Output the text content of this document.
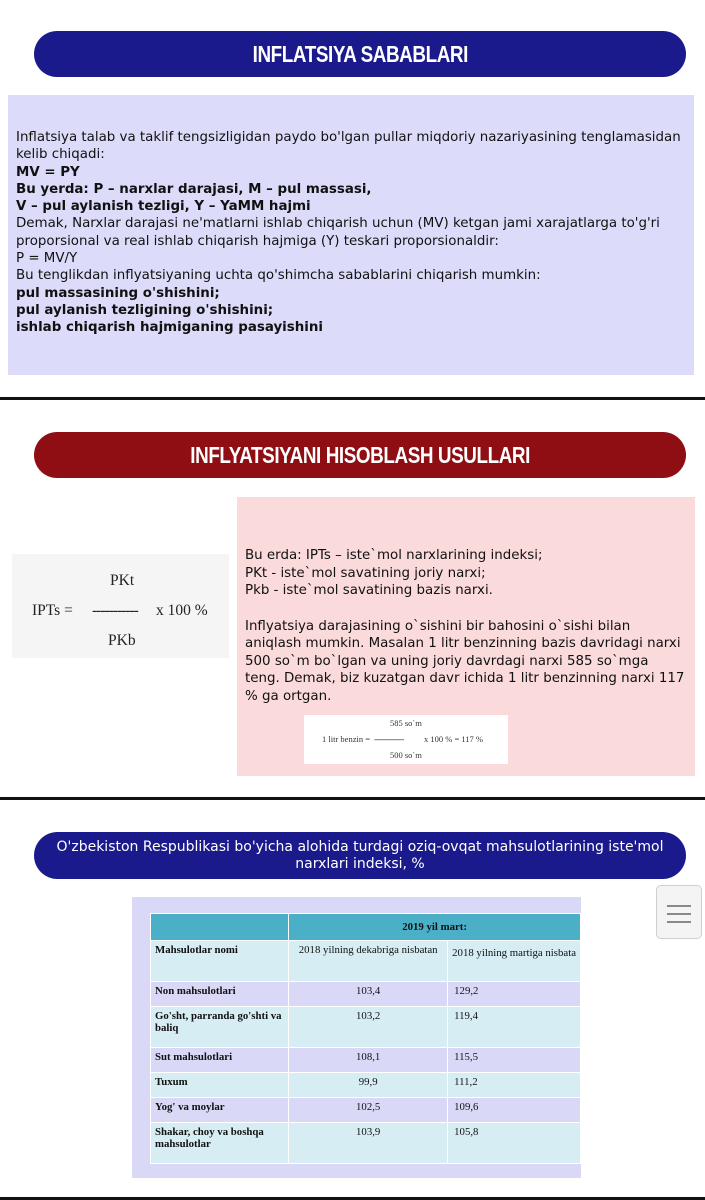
INFLATSIYA SABABLARI

Inflatsiya talab va taklif tengsizligidan paydo bo'lgan pullar miqdoriy nazariyasining tenglamasidan kelib chiqadi:

MV = PY

Bu yerda: P – narxlar darajasi, M – pul massasi,

V – pul aylanish tezligi, Y – YaMM hajmi

Demak, Narxlar darajasi ne'matlarni ishlab chiqarish uchun (MV) ketgan jami xarajatlarga to'g'ri proporsional va real ishlab chiqarish hajmiga (Y) teskari proporsionaldir:

P = MV/Y

Bu tenglikdan inflyatsiyaning uchta qo'shimcha sabablarini chiqarish mumkin:

pul massasining o'shishini;

pul aylanish tezligining o'shishini;

ishlab chiqarish hajmiganing pasayishini

INFLYATSIYANI HISOBLASH USULLARI
PKt
IPTs = ----------- x 100 %
PKb

Bu erda: IPTs – iste`mol narxlarining indeksi;

PKt - iste`mol savatining joriy narxi;

Pkb - iste`mol savatining bazis narxi.

Inflyatsiya darajasining o`sishini bir bahosini o`sishi bilan aniqlash mumkin. Masalan 1 litr benzinning bazis davridagi narxi 500 so`m bo`lgan va uning joriy davrdagi narxi 585 so`mga teng. Demak, biz kuzatgan davr ichida 1 litr benzinning narxi 117 % ga ortgan.

585 so`m
1 litr benzin = ---------------- x 100 % = 117 %
500 so`m
O'zbekiston Respublikasi bo'yicha alohida turdagi oziq-ovqat mahsulotlarining iste'mol narxlari indeksi, %
	2019 yil mart:	
Mahsulotlar nomi	2018 yilning dekabriga nisbatan	2018 yilning martiga nisbata
Non mahsulotlari	103,4	129,2
Go'sht, parranda go'shti va baliq	103,2	119,4
Sut mahsulotlari	108,1	115,5
Tuxum	99,9	111,2
Yog' va moylar	102,5	109,6
Shakar, choy va boshqa mahsulotlar	103,9	105,8
